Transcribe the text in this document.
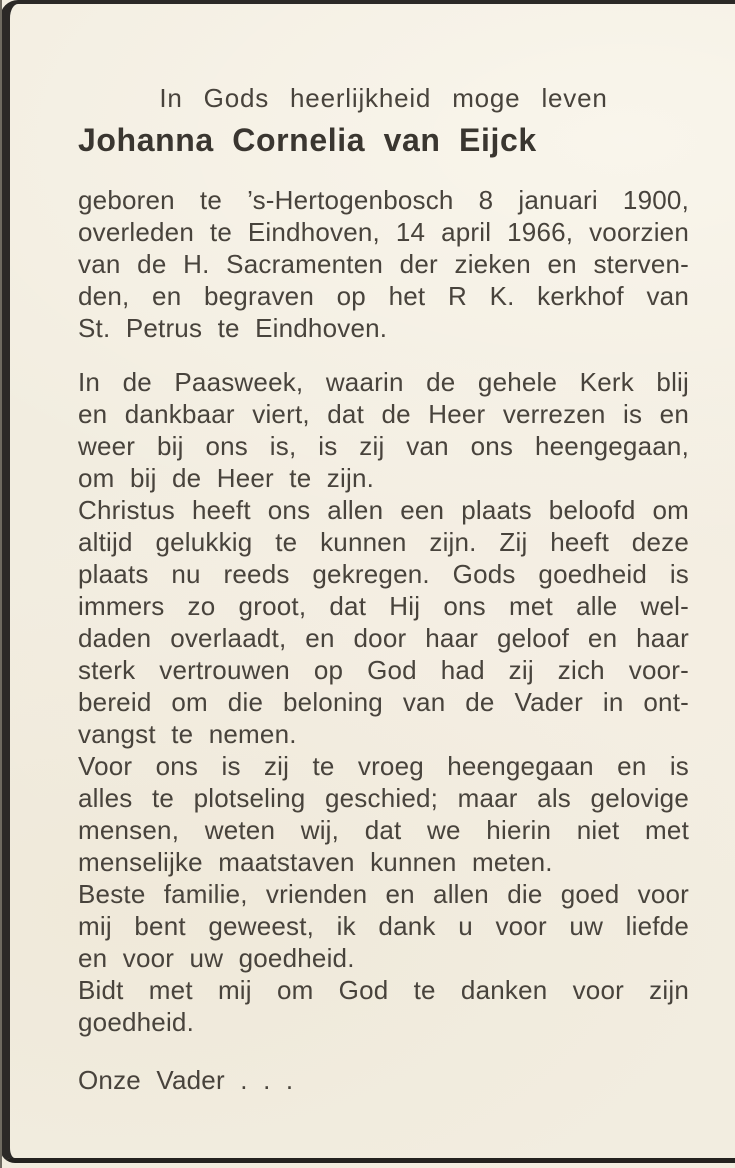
In Gods heerlijkheid moge leven
Johanna Cornelia van Eijck
geboren te ’s-Hertogenbosch 8 januari 1900,
overleden te Eindhoven, 14 april 1966, voorzien
van de H. Sacramenten der zieken en sterven-
den, en begraven op het R K. kerkhof van
St. Petrus te Eindhoven.
In de Paasweek, waarin de gehele Kerk blij
en dankbaar viert, dat de Heer verrezen is en
weer bij ons is, is zij van ons heengegaan,
om bij de Heer te zijn.
Christus heeft ons allen een plaats beloofd om
altijd gelukkig te kunnen zijn. Zij heeft deze
plaats nu reeds gekregen. Gods goedheid is
immers zo groot, dat Hij ons met alle wel-
daden overlaadt, en door haar geloof en haar
sterk vertrouwen op God had zij zich voor-
bereid om die beloning van de Vader in ont-
vangst te nemen.
Voor ons is zij te vroeg heengegaan en is
alles te plotseling geschied; maar als gelovige
mensen, weten wij, dat we hierin niet met
menselijke maatstaven kunnen meten.
Beste familie, vrienden en allen die goed voor
mij bent geweest, ik dank u voor uw liefde
en voor uw goedheid.
Bidt met mij om God te danken voor zijn
goedheid.
Onze Vader . . .
